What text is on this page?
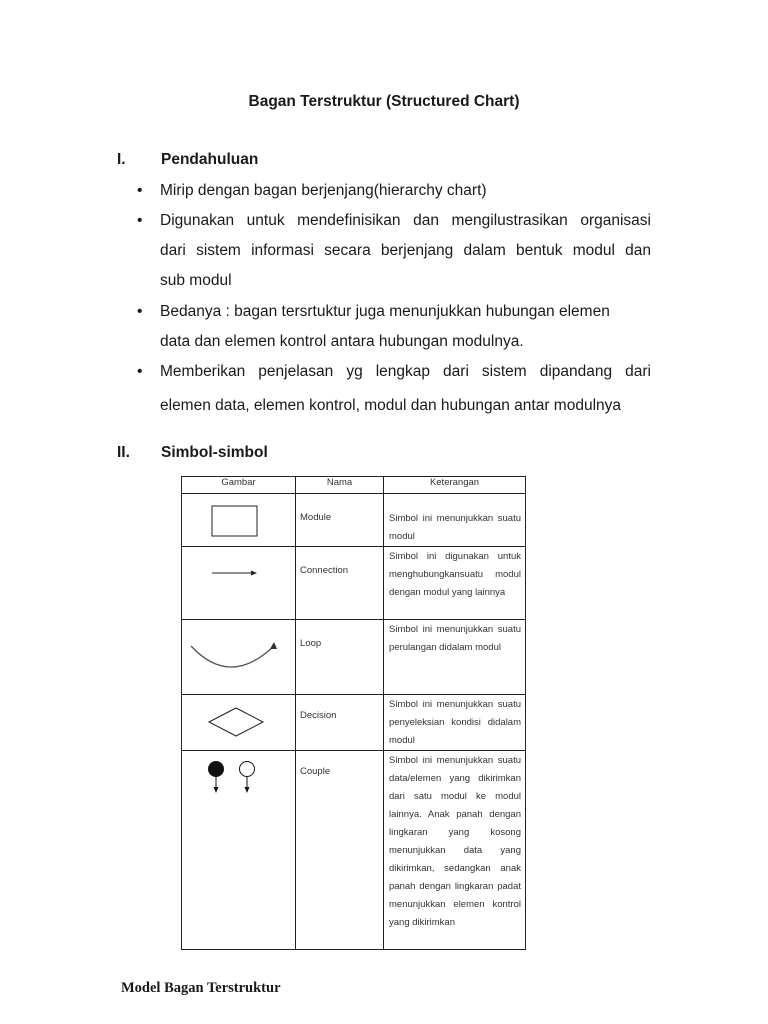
Bagan Terstruktur (Structured Chart)
I. Pendahuluan
• Mirip dengan bagan berjenjang(hierarchy chart)
• Digunakan untuk mendefinisikan dan mengilustrasikan organisasi
dari sistem informasi secara berjenjang dalam bentuk modul dan
sub modul
• Bedanya : bagan tersrtuktur juga menunjukkan hubungan elemen
data dan elemen kontrol antara hubungan modulnya.
• Memberikan penjelasan yg lengkap dari sistem dipandang dari
elemen data, elemen kontrol, modul dan hubungan antar modulnya
II. Simbol-simbol
Gambar	Nama	Keterangan

	Module	Simbol ini menunjukkan suatu modul

	Connection	Simbol ini digunakan untuk menghubungkansuatu modul dengan modul yang lainnya

	Loop	Simbol ini menunjukkan suatu perulangan didalam modul

	Decision	Simbol ini menunjukkan suatu penyeleksian kondisi didalam modul

	Couple	Simbol ini menunjukkan suatu data/elemen yang dikirimkan dari satu modul ke modul lainnya. Anak panah dengan lingkaran yang kosong menunjukkan data yang dikirimkan, sedangkan anak panah dengan lingkaran padat menunjukkan elemen kontrol yang dikirimkan
Model Bagan Terstruktur
